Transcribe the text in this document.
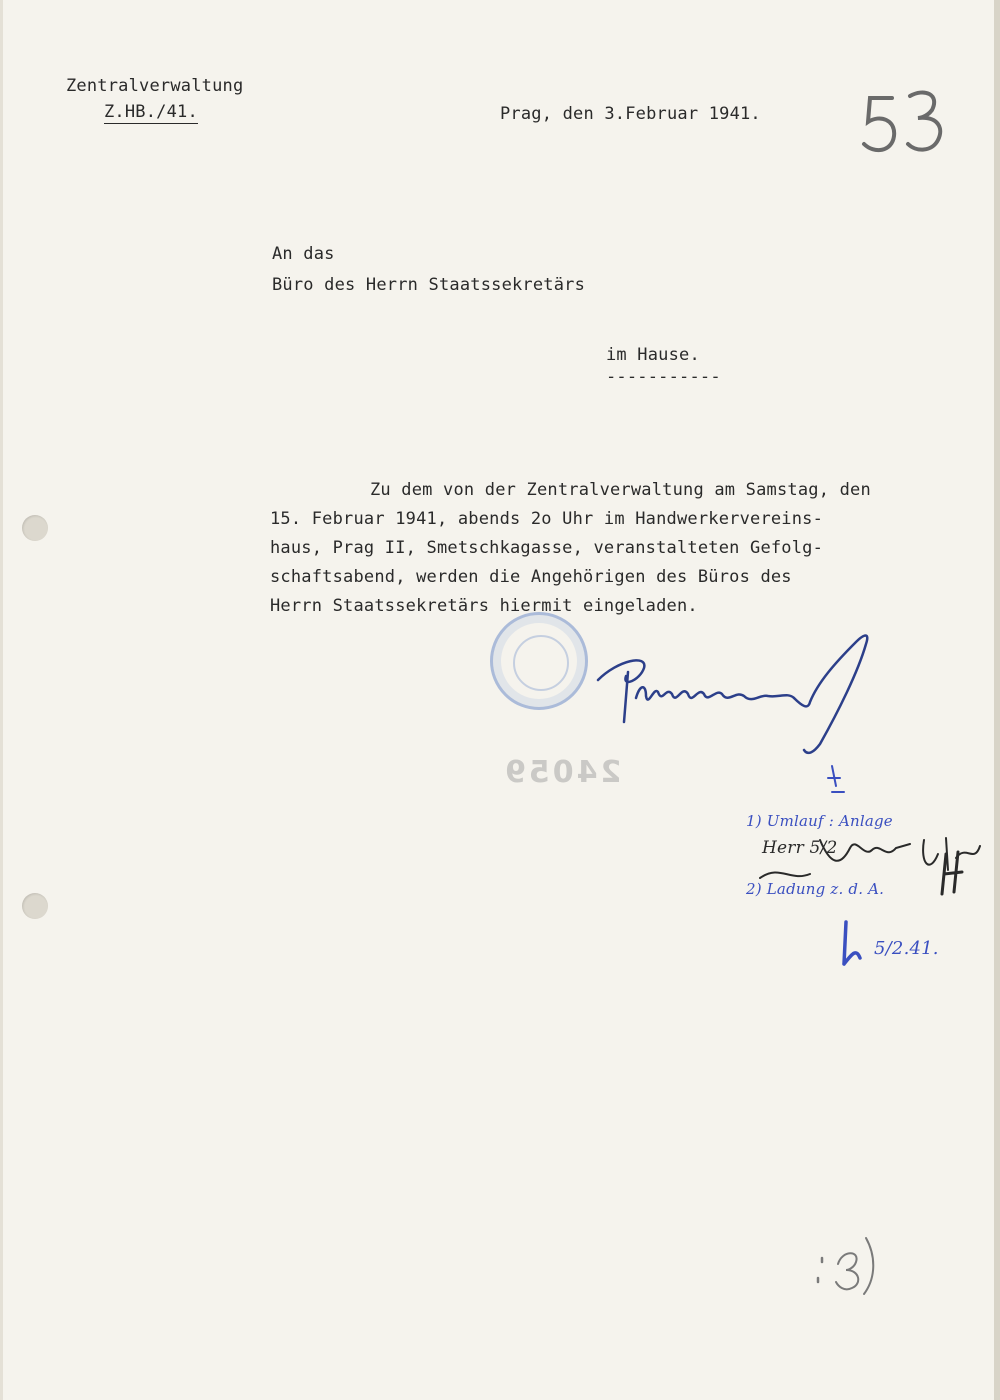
Zentralverwaltung

Z.HB./41.	Prag, den 3.Februar 1941.

An das

Büro des Herrn Staatssekretärs

im Hause.

-----------

Zu dem von der Zentralverwaltung am Samstag, den

15. Februar 1941, abends 2o Uhr im Handwerkervereins-

haus, Prag II, Smetschkagasse, veranstalteten Gefolg-

schaftsabend, werden die Angehörigen des Büros des

Herrn Staatssekretärs hiermit eingeladen.

24059

1) Umlauf : Anlage

Herr 5/2

2) Ladung z. d. A.

5/2.41.
